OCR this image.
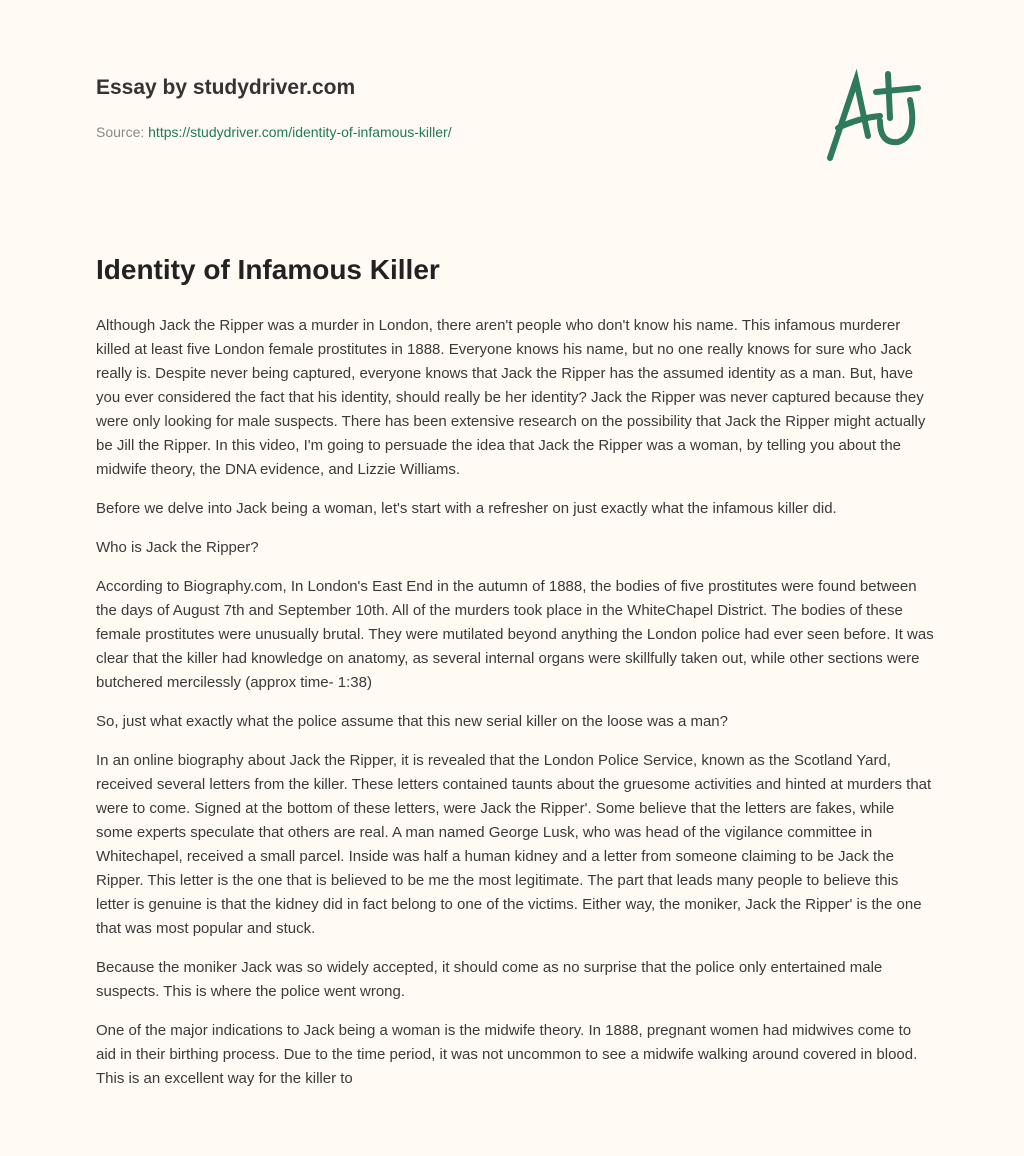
Essay by studydriver.com
Source: https://studydriver.com/identity-of-infamous-killer/
Identity of Infamous Killer

Although Jack the Ripper was a murder in London, there aren't people who don't know his name. This infamous murderer killed at least five London female prostitutes in 1888. Everyone knows his name, but no one really knows for sure who Jack really is. Despite never being captured, everyone knows that Jack the Ripper has the assumed identity as a man. But, have you ever considered the fact that his identity, should really be her identity? Jack the Ripper was never captured because they were only looking for male suspects. There has been extensive research on the possibility that Jack the Ripper might actually be Jill the Ripper. In this video, I'm going to persuade the idea that Jack the Ripper was a woman, by telling you about the midwife theory, the DNA evidence, and Lizzie Williams.

Before we delve into Jack being a woman, let's start with a refresher on just exactly what the infamous killer did.

Who is Jack the Ripper?

According to Biography.com, In London's East End in the autumn of 1888, the bodies of five prostitutes were found between the days of August 7th and September 10th. All of the murders took place in the WhiteChapel District. The bodies of these female prostitutes were unusually brutal. They were mutilated beyond anything the London police had ever seen before. It was clear that the killer had knowledge on anatomy, as several internal organs were skillfully taken out, while other sections were butchered mercilessly (approx time- 1:38)

So, just what exactly what the police assume that this new serial killer on the loose was a man?

In an online biography about Jack the Ripper, it is revealed that the London Police Service, known as the Scotland Yard, received several letters from the killer. These letters contained taunts about the gruesome activities and hinted at murders that were to come. Signed at the bottom of these letters, were Jack the Ripper'. Some believe that the letters are fakes, while some experts speculate that others are real. A man named George Lusk, who was head of the vigilance committee in Whitechapel, received a small parcel. Inside was half a human kidney and a letter from someone claiming to be Jack the Ripper. This letter is the one that is believed to be me the most legitimate. The part that leads many people to believe this letter is genuine is that the kidney did in fact belong to one of the victims. Either way, the moniker, Jack the Ripper' is the one that was most popular and stuck.

Because the moniker Jack was so widely accepted, it should come as no surprise that the police only entertained male suspects. This is where the police went wrong.

One of the major indications to Jack being a woman is the midwife theory. In 1888, pregnant women had midwives come to aid in their birthing process. Due to the time period, it was not uncommon to see a midwife walking around covered in blood. This is an excellent way for the killer to
